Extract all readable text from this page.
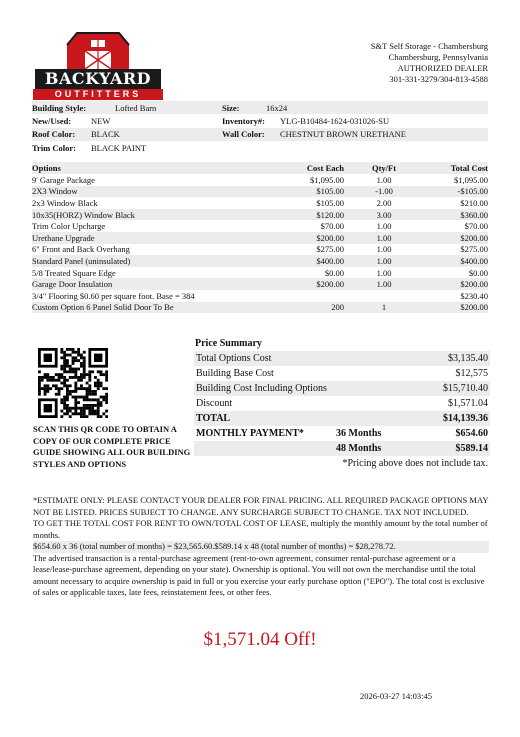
BACKYARD
OUTFITTERS
S&T Self Storage - Chambersburg
Chambersburg, Pennsylvania
AUTHORIZED DEALER
301-331-3279/304-813-4588
Building Style:	Lofted Barn	Size:	16x24
New/Used:	NEW	Inventory#:	YLG-B10484-1624-031026-SU
Roof Color:	BLACK	Wall Color:	CHESTNUT BROWN URETHANE
Trim Color:	BLACK PAINT
Options	Cost Each	Qty/Ft	Total Cost
9' Garage Package	$1,095.00	1.00	$1,095.00
2X3 Window	$105.00	-1.00	-$105.00
2x3 Window Black	$105.00	2.00	$210.00
10x35(HORZ) Window Black	$120.00	3.00	$360.00
Trim Color Upcharge	$70.00	1.00	$70.00
Urethane Upgrade	$200.00	1.00	$200.00
6" Front and Back Overhang	$275.00	1.00	$275.00
Standard Panel (uninsulated)	$400.00	1.00	$400.00
5/8 Treated Square Edge	$0.00	1.00	$0.00
Garage Door Insulation	$200.00	1.00	$200.00
3/4" Flooring $0.60 per square foot. Base = 384			$230.40
Custom Option 6 Panel Solid Door To Be	200	1	$200.00
SCAN THIS QR CODE TO OBTAIN A COPY OF OUR COMPLETE PRICE GUIDE SHOWING ALL OUR BUILDING STYLES AND OPTIONS
Price Summary
Total Options Cost	$3,135.40
Building Base Cost	$12,575
Building Cost Including Options	$15,710.40
Discount	$1,571.04
TOTAL	$14,139.36
MONTHLY PAYMENT*	36 Months	$654.60
48 Months	$589.14
*Pricing above does not include tax.

*ESTIMATE ONLY: PLEASE CONTACT YOUR DEALER FOR FINAL PRICING. ALL REQUIRED PACKAGE OPTIONS MAY NOT BE LISTED. PRICES SUBJECT TO CHANGE. ANY SURCHARGE SUBJECT TO CHANGE. TAX NOT INCLUDED.

TO GET THE TOTAL COST FOR RENT TO OWN/TOTAL COST OF LEASE, multiply the monthly amount by the total number of months.

$654.60 x 36 (total number of months) = $23,565.60.$589.14 x 48 (total number of months) = $28,278.72.

The advertised transaction is a rental-purchase agreement (rent-to-own agreement, consumer rental-purchase agreement or a lease/lease-purchase agreement, depending on your state). Ownership is optional. You will not own the merchandise until the total amount necessary to acquire ownership is paid in full or you exercise your early purchase option ("EPO"). The total cost is exclusive of sales or applicable taxes, late fees, reinstatement fees, or other fees.

$1,571.04 Off!
2026-03-27 14:03:45
